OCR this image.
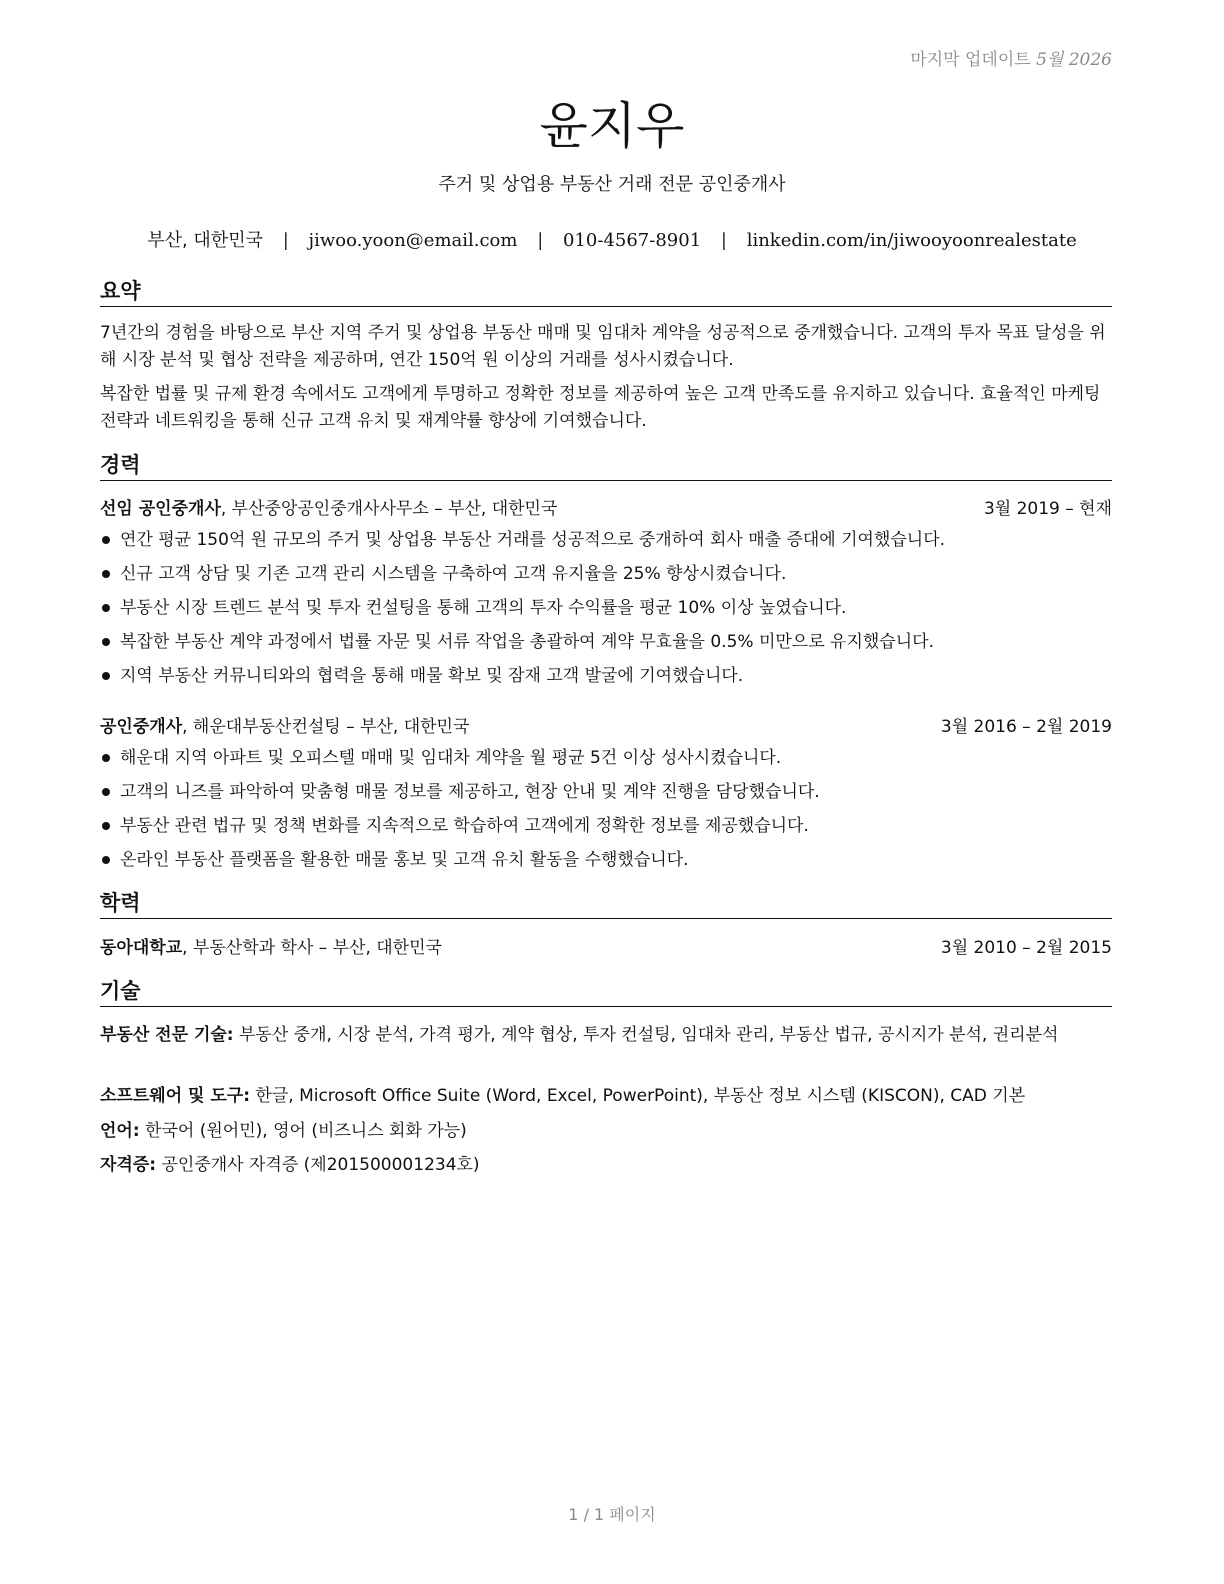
마지막 업데이트 5월 2026
윤지우
주거 및 상업용 부동산 거래 전문 공인중개사
부산, 대한민국 | jiwoo.yoon@email.com | 010-4567-8901 | linkedin.com/in/jiwooyoonrealestate
요약
7년간의 경험을 바탕으로 부산 지역 주거 및 상업용 부동산 매매 및 임대차 계약을 성공적으로 중개했습니다. 고객의 투자 목표 달성을 위해 시장 분석 및 협상 전략을 제공하며, 연간 150억 원 이상의 거래를 성사시켰습니다.
복잡한 법률 및 규제 환경 속에서도 고객에게 투명하고 정확한 정보를 제공하여 높은 고객 만족도를 유지하고 있습니다. 효율적인 마케팅 전략과 네트워킹을 통해 신규 고객 유치 및 재계약률 향상에 기여했습니다.
경력
선임 공인중개사, 부산중앙공인중개사사무소 – 부산, 대한민국	3월 2019 – 현재
연간 평균 150억 원 규모의 주거 및 상업용 부동산 거래를 성공적으로 중개하여 회사 매출 증대에 기여했습니다.
신규 고객 상담 및 기존 고객 관리 시스템을 구축하여 고객 유지율을 25% 향상시켰습니다.
부동산 시장 트렌드 분석 및 투자 컨설팅을 통해 고객의 투자 수익률을 평균 10% 이상 높였습니다.
복잡한 부동산 계약 과정에서 법률 자문 및 서류 작업을 총괄하여 계약 무효율을 0.5% 미만으로 유지했습니다.
지역 부동산 커뮤니티와의 협력을 통해 매물 확보 및 잠재 고객 발굴에 기여했습니다.
공인중개사, 해운대부동산컨설팅 – 부산, 대한민국	3월 2016 – 2월 2019
해운대 지역 아파트 및 오피스텔 매매 및 임대차 계약을 월 평균 5건 이상 성사시켰습니다.
고객의 니즈를 파악하여 맞춤형 매물 정보를 제공하고, 현장 안내 및 계약 진행을 담당했습니다.
부동산 관련 법규 및 정책 변화를 지속적으로 학습하여 고객에게 정확한 정보를 제공했습니다.
온라인 부동산 플랫폼을 활용한 매물 홍보 및 고객 유치 활동을 수행했습니다.
학력
동아대학교, 부동산학과 학사 – 부산, 대한민국	3월 2010 – 2월 2015
기술
부동산 전문 기술: 부동산 중개, 시장 분석, 가격 평가, 계약 협상, 투자 컨설팅, 임대차 관리, 부동산 법규, 공시지가 분석, 권리분석
소프트웨어 및 도구: 한글, Microsoft Office Suite (Word, Excel, PowerPoint), 부동산 정보 시스템 (KISCON), CAD 기본
언어: 한국어 (원어민), 영어 (비즈니스 회화 가능)
자격증: 공인중개사 자격증 (제201500001234호)
1 / 1 페이지
